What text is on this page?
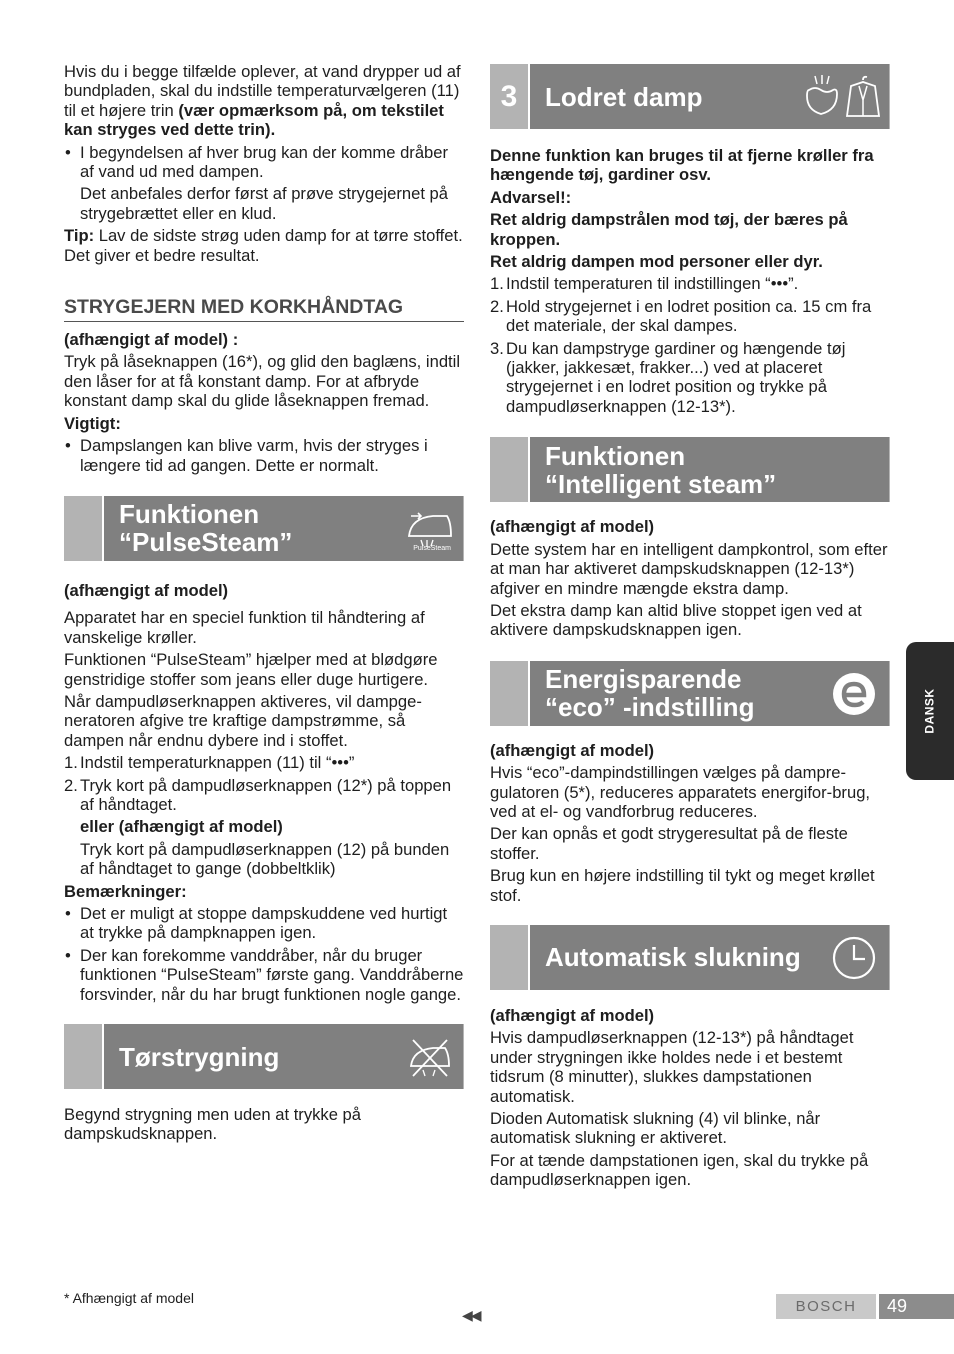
Hvis du i begge tilfælde oplever, at vand drypper ud af bundpladen, skal du indstille temperaturvælgeren (11) til et højere trin (vær opmærksom på, om tekstilet kan stryges ved dette trin).

• I begyndelsen af hver brug kan der komme dråber af vand ud med dampen.

Det anbefales derfor først af prøve strygejernet på strygebrættet eller en klud.

Tip: Lav de sidste strøg uden damp for at tørre stoffet. Det giver et bedre resultat.

STRYGEJERN MED KORKHÅNDTAG

(afhængigt af model) :

Tryk på låseknappen (16*), og glid den baglæns, indtil den låser for at få konstant damp. For at afbryde konstant damp skal du glide låseknappen fremad.

Vigtigt:

• Dampslangen kan blive varm, hvis der stryges i længere tid ad gangen. Dette er normalt.
Funktionen “PulseSteam”	PulseSteam

(afhængigt af model)

Apparatet har en speciel funktion til håndtering af vanskelige krøller.

Funktionen “PulseSteam” hjælper med at blødgøre genstridige stoffer som jeans eller duge hurtigere.

Når dampudløserknappen aktiveres, vil dampge-neratoren afgive tre kraftige dampstrømme, så dampen når endnu dybere ind i stoffet.

1. Indstil temperaturknappen (11) til “•••”
2. Tryk kort på dampudløserknappen (12*) på toppen af håndtaget.

eller (afhængigt af model)

Tryk kort på dampudløserknappen (12) på bunden af håndtaget to gange (dobbeltklik)

Bemærkninger:

• Det er muligt at stoppe dampskuddene ved hurtigt at trykke på dampknappen igen.
• Der kan forekomme vanddråber, når du bruger funktionen “PulseSteam” første gang. Vanddråberne forsvinder, når du har brugt funktionen nogle gange.
Tørstrygning

Begynd strygning men uden at trykke på dampskudsknappen.

3	Lodret damp

Denne funktion kan bruges til at fjerne krøller fra hængende tøj, gardiner osv.

Advarsel!:

Ret aldrig dampstrålen mod tøj, der bæres på kroppen.

Ret aldrig dampen mod personer eller dyr.

1. Indstil temperaturen til indstillingen “•••”.
2. Hold strygejernet i en lodret position ca. 15 cm fra det materiale, der skal dampes.
3. Du kan dampstryge gardiner og hængende tøj (jakker, jakkesæt, frakker...) ved at placeret strygejernet i en lodret position og trykke på dampudløserknappen (12-13*).
Funktionen “Intelligent steam”

(afhængigt af model)

Dette system har en intelligent dampkontrol, som efter at man har aktiveret dampskudsknappen (12-13*) afgiver en mindre mængde ekstra damp.

Det ekstra damp kan altid blive stoppet igen ved at aktivere dampskudsknappen igen.

Energisparende “eco” -indstilling

(afhængigt af model)

Hvis “eco”-dampindstillingen vælges på dampre-gulatoren (5*), reduceres apparatets energifor-brug, ved at el- og vandforbrug reduceres.

Der kan opnås et godt strygeresultat på de fleste stoffer.

Brug kun en højere indstilling til tykt og meget krøllet stof.

Automatisk slukning

(afhængigt af model)

Hvis dampudløserknappen (12-13*) på håndtaget under strygningen ikke holdes nede i et bestemt tidsrum (8 minutter), slukkes dampstationen automatisk.

Dioden Automatisk slukning (4) vil blinke, når automatisk slukning er aktiveret.

For at tænde dampstationen igen, skal du trykke på dampudløserknappen igen.

DANSK
* Afhængigt af model
◀◀	BOSCH	49
